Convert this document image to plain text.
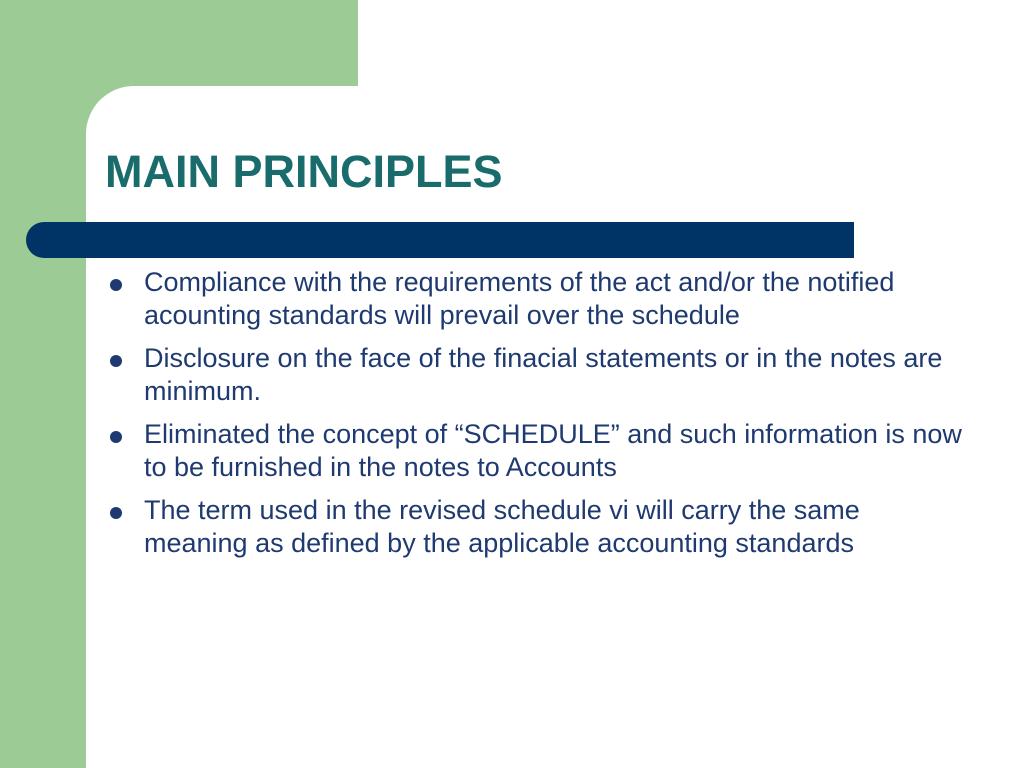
MAIN PRINCIPLES
Compliance with the requirements of the act and/or the notified acounting standards will prevail over the schedule
Disclosure on the face of the finacial statements or in the notes are minimum.
Eliminated the concept of “SCHEDULE” and such information is now to be furnished in the notes to Accounts
The term used in the revised schedule vi will carry the same meaning as defined by the applicable accounting standards
